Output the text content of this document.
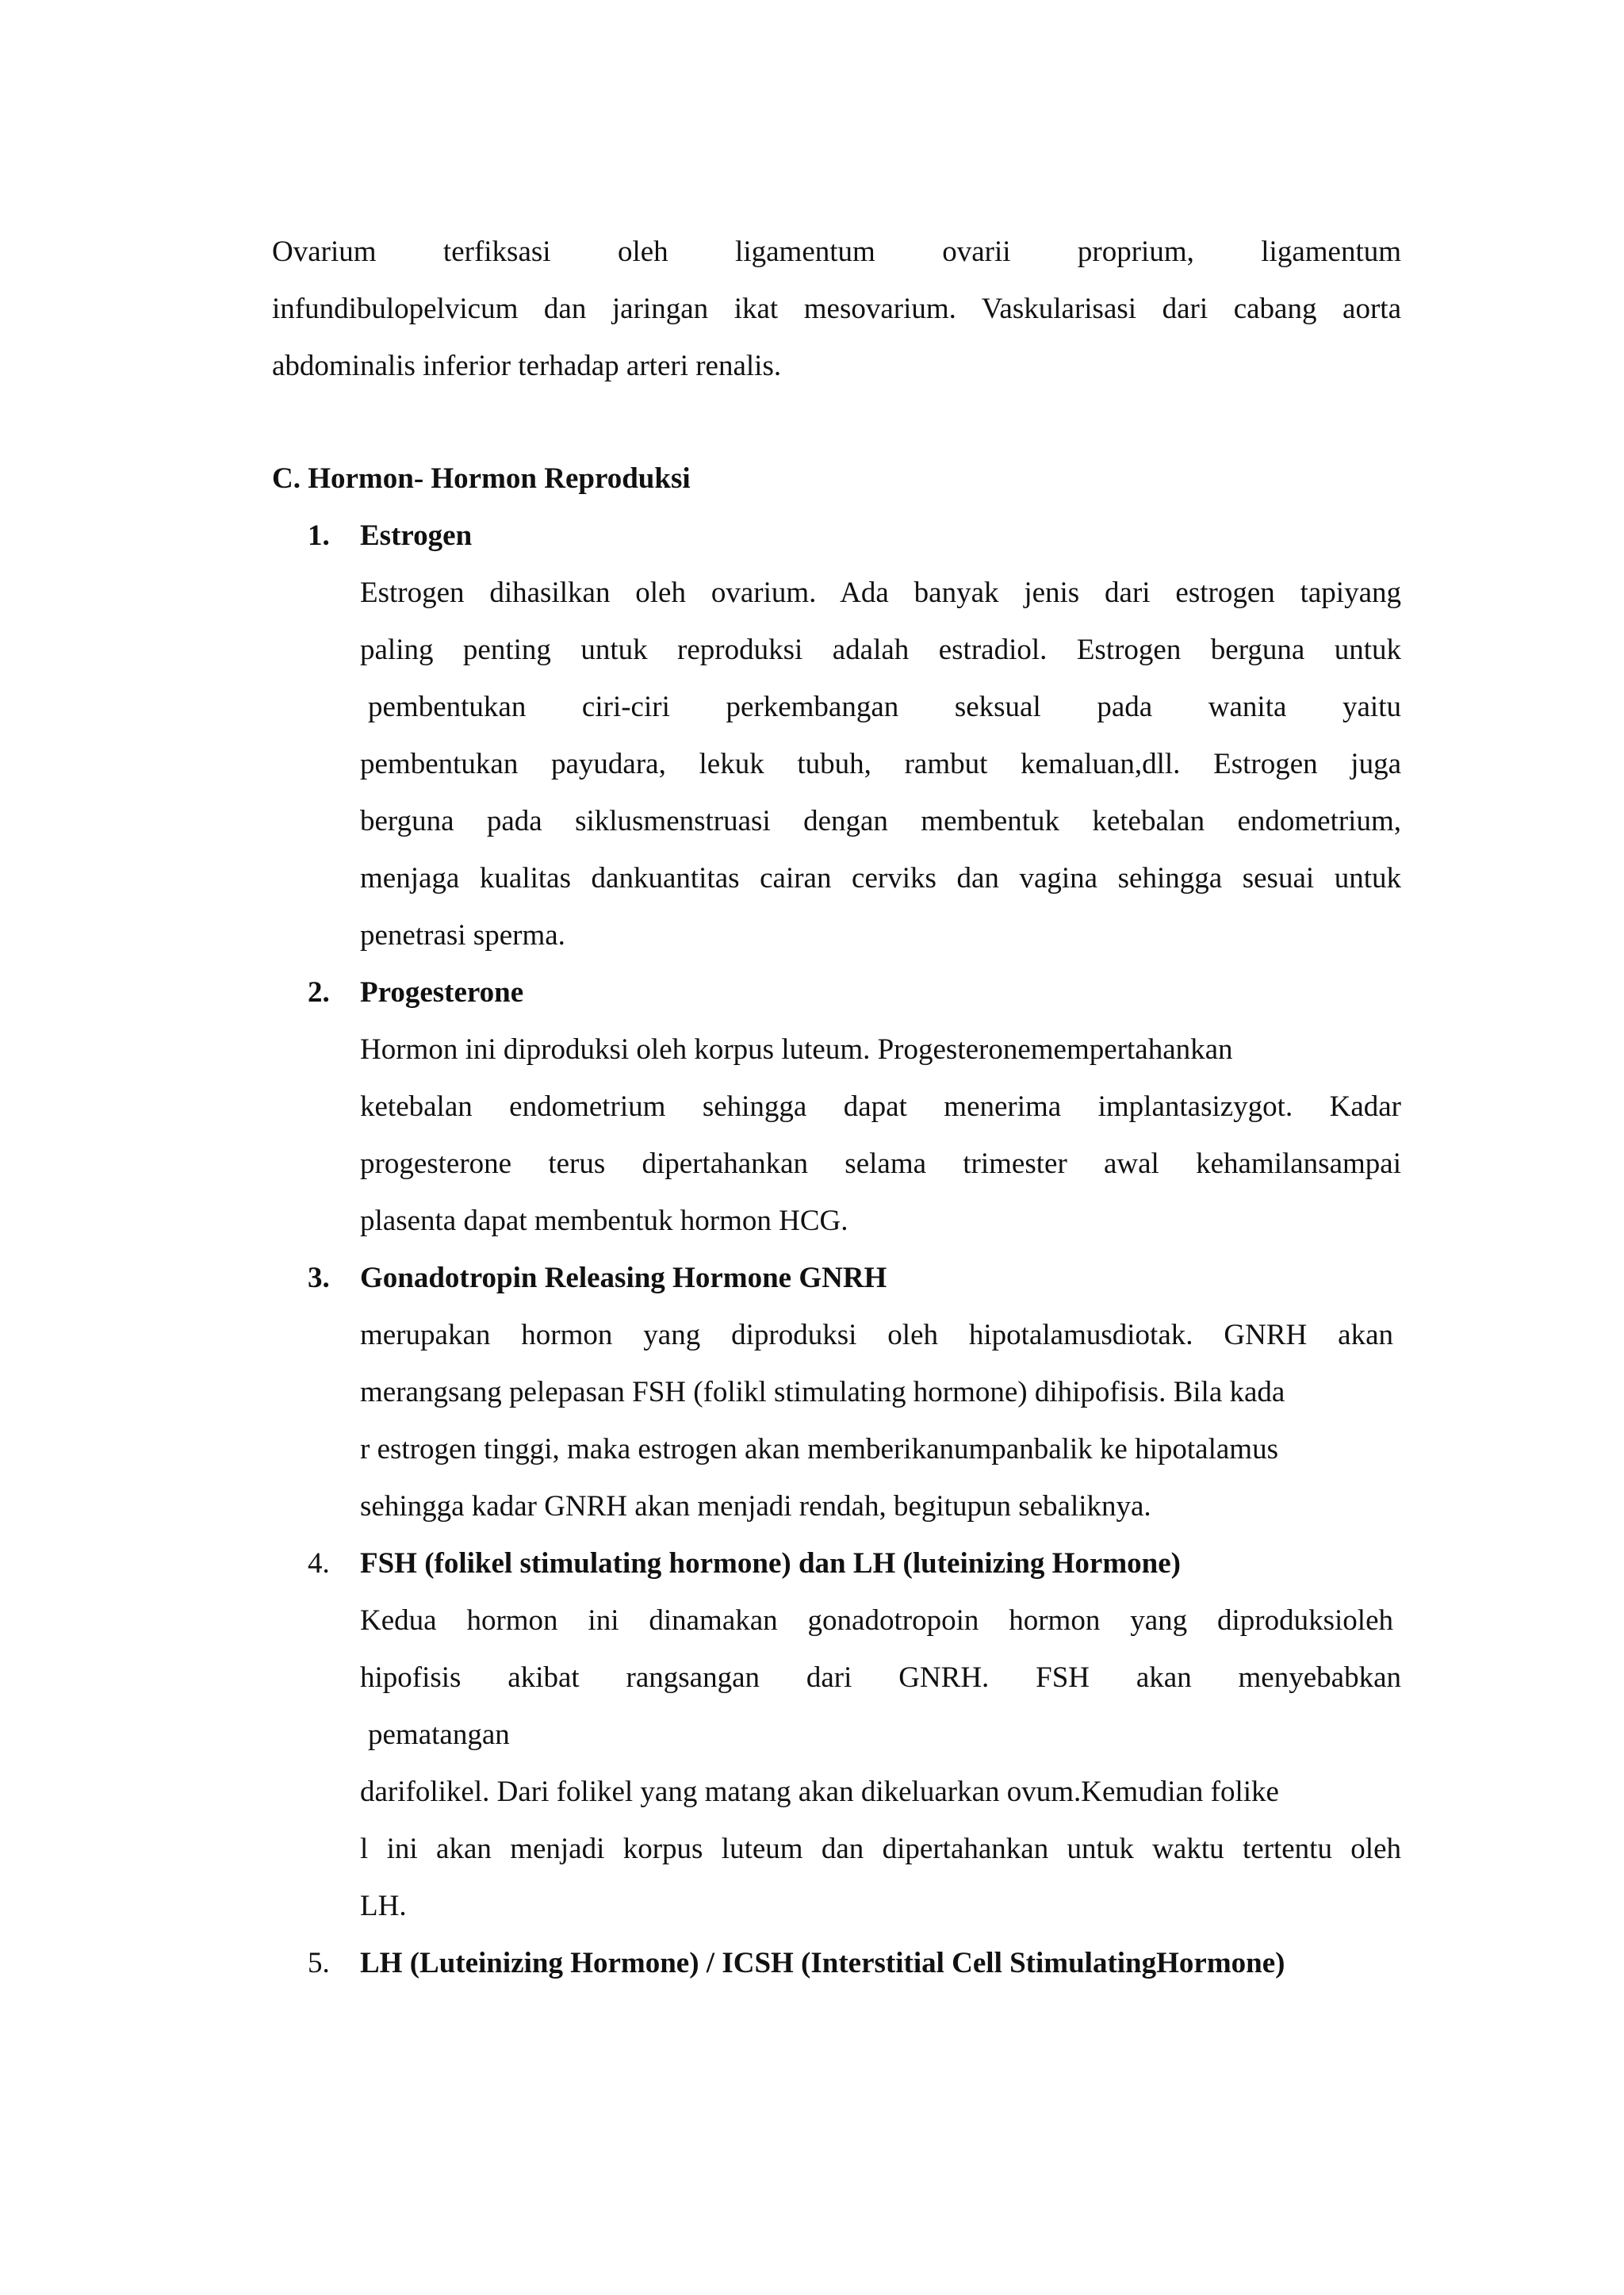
Ovarium terfiksasi oleh ligamentum ovarii proprium, ligamentum
infundibulopelvicum dan jaringan ikat mesovarium. Vaskularisasi dari cabang aorta
abdominalis inferior terhadap arteri renalis.
C. Hormon- Hormon Reproduksi
1.	Estrogen
Estrogen dihasilkan oleh ovarium. Ada banyak jenis dari estrogen tapiyang
paling penting untuk reproduksi adalah estradiol. Estrogen berguna untuk
pembentukan ciri-ciri perkembangan seksual pada wanita yaitu
pembentukan payudara, lekuk tubuh, rambut kemaluan,dll. Estrogen juga
berguna pada siklusmenstruasi dengan membentuk ketebalan endometrium,
menjaga kualitas dankuantitas cairan cerviks dan vagina sehingga sesuai untuk
penetrasi sperma.
2.	Progesterone
Hormon ini diproduksi oleh korpus luteum. Progesteronemempertahankan
ketebalan endometrium sehingga dapat menerima implantasizygot. Kadar
progesterone terus dipertahankan selama trimester awal kehamilansampai
plasenta dapat membentuk hormon HCG.
3.	Gonadotropin Releasing Hormone GNRH
merupakan hormon yang diproduksi oleh hipotalamusdiotak. GNRH akan
merangsang pelepasan FSH (folikl stimulating hormone) dihipofisis. Bila kada
r estrogen tinggi, maka estrogen akan memberikanumpanbalik ke hipotalamus
sehingga kadar GNRH akan menjadi rendah, begitupun sebaliknya.
4.	FSH (folikel stimulating hormone) dan LH (luteinizing Hormone)
Kedua hormon ini dinamakan gonadotropoin hormon yang diproduksioleh
hipofisis akibat rangsangan dari GNRH. FSH akan menyebabkan
pematangan
darifolikel. Dari folikel yang matang akan dikeluarkan ovum.Kemudian folike
l ini akan menjadi korpus luteum dan dipertahankan untuk waktu tertentu oleh
LH.
5.	LH (Luteinizing Hormone) / ICSH (Interstitial Cell StimulatingHormone)
